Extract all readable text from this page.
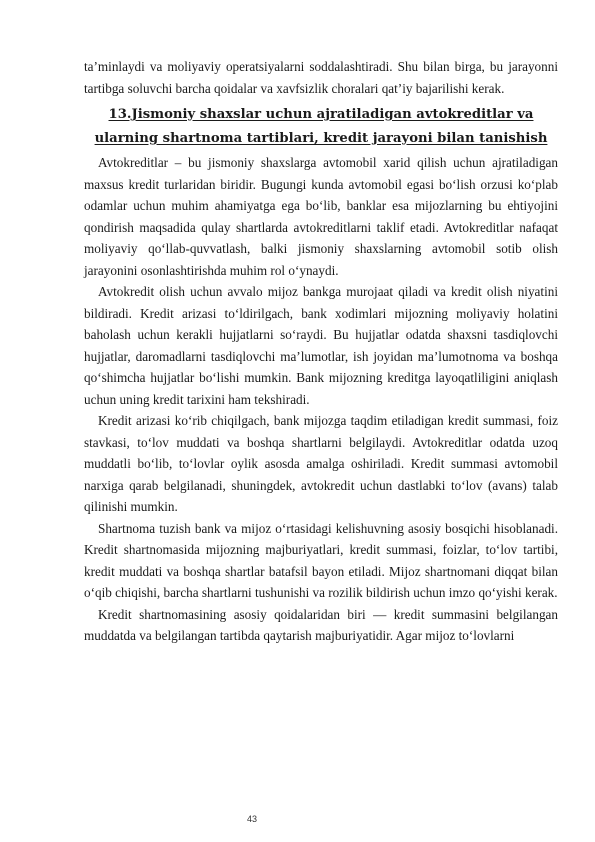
ta’minlaydi va moliyaviy operatsiyalarni soddalashtiradi. Shu bilan birga, bu jarayonni tartibga soluvchi barcha qoidalar va xavfsizlik choralari qat’iy bajarilishi kerak.

13.Jismoniy shaxslar uchun ajratiladigan avtokreditlar va ularning shartnoma tartiblari, kredit jarayoni bilan tanishish

Avtokreditlar – bu jismoniy shaxslarga avtomobil xarid qilish uchun ajratiladigan maxsus kredit turlaridan biridir. Bugungi kunda avtomobil egasi bo‘lish orzusi ko‘plab odamlar uchun muhim ahamiyatga ega bo‘lib, banklar esa mijozlarning bu ehtiyojini qondirish maqsadida qulay shartlarda avtokreditlarni taklif etadi. Avtokreditlar nafaqat moliyaviy qo‘llab-quvvatlash, balki jismoniy shaxslarning avtomobil sotib olish jarayonini osonlashtirishda muhim rol o‘ynaydi.

Avtokredit olish uchun avvalo mijoz bankga murojaat qiladi va kredit olish niyatini bildiradi. Kredit arizasi to‘ldirilgach, bank xodimlari mijozning moliyaviy holatini baholash uchun kerakli hujjatlarni so‘raydi. Bu hujjatlar odatda shaxsni tasdiqlovchi hujjatlar, daromadlarni tasdiqlovchi ma’lumotlar, ish joyidan ma’lumotnoma va boshqa qo‘shimcha hujjatlar bo‘lishi mumkin. Bank mijozning kreditga layoqatliligini aniqlash uchun uning kredit tarixini ham tekshiradi.

Kredit arizasi ko‘rib chiqilgach, bank mijozga taqdim etiladigan kredit summasi, foiz stavkasi, to‘lov muddati va boshqa shartlarni belgilaydi. Avtokreditlar odatda uzoq muddatli bo‘lib, to‘lovlar oylik asosda amalga oshiriladi. Kredit summasi avtomobil narxiga qarab belgilanadi, shuningdek, avtokredit uchun dastlabki to‘lov (avans) talab qilinishi mumkin.

Shartnoma tuzish bank va mijoz o‘rtasidagi kelishuvning asosiy bosqichi hisoblanadi. Kredit shartnomasida mijozning majburiyatlari, kredit summasi, foizlar, to‘lov tartibi, kredit muddati va boshqa shartlar batafsil bayon etiladi. Mijoz shartnomani diqqat bilan o‘qib chiqishi, barcha shartlarni tushunishi va rozilik bildirish uchun imzo qo‘yishi kerak.

Kredit shartnomasining asosiy qoidalaridan biri — kredit summasini belgilangan muddatda va belgilangan tartibda qaytarish majburiyatidir. Agar mijoz to‘lovlarni

43
